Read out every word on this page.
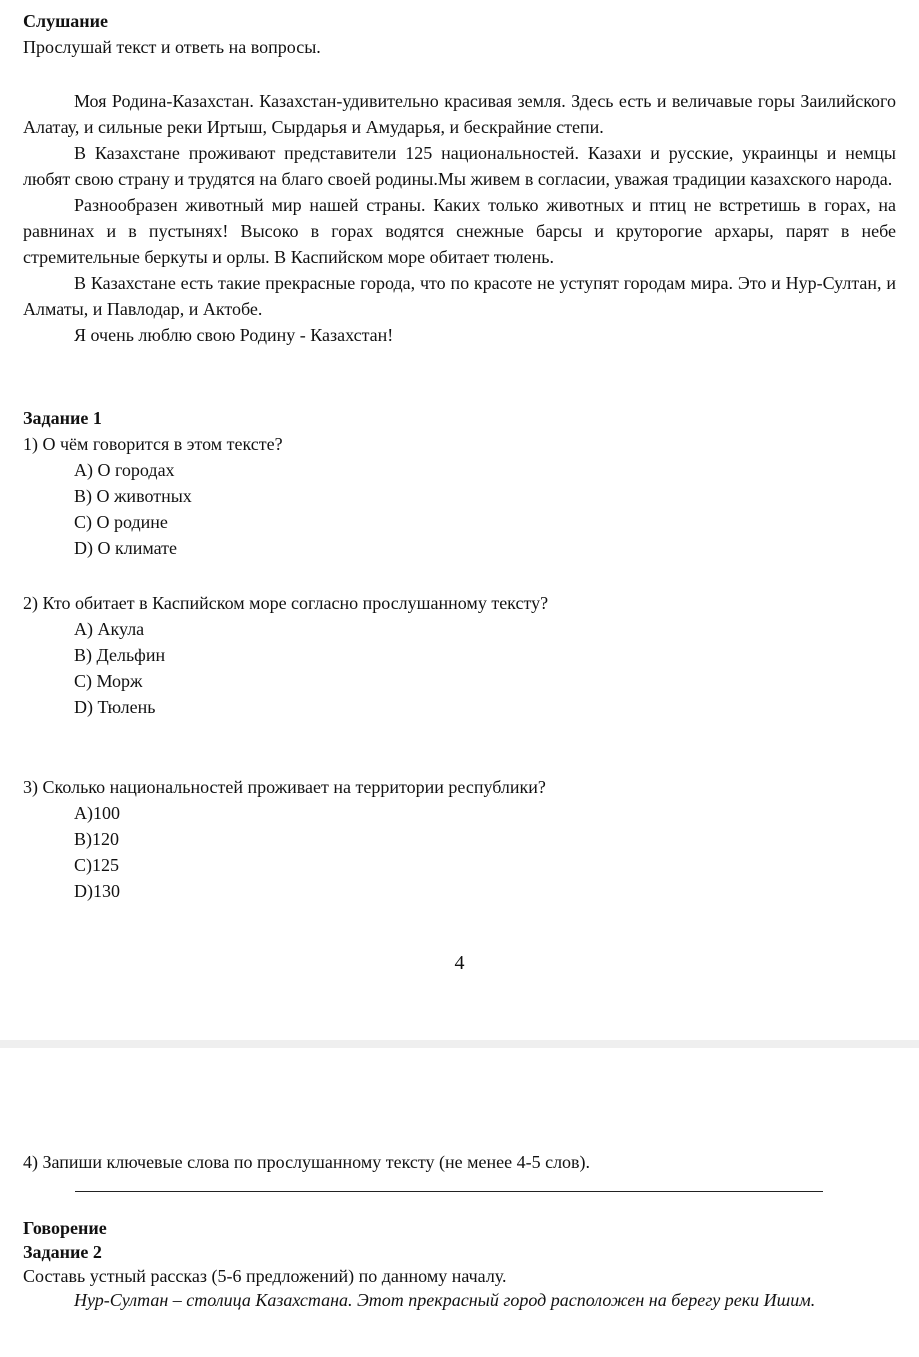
Слушание

Прослушай текст и ответь на вопросы.

Моя Родина-Казахстан. Казахстан-удивительно красивая земля. Здесь есть и величавые горы Заилийского Алатау, и сильные реки Иртыш, Сырдарья и Амударья, и бескрайние степи.

В Казахстане проживают представители 125 национальностей. Казахи и русские, украинцы и немцы любят свою страну и трудятся на благо своей родины.Мы живем в согласии, уважая традиции казахского народа.

Разнообразен животный мир нашей страны. Каких только животных и птиц не встретишь в горах, на равнинах и в пустынях! Высоко в горах водятся снежные барсы и круторогие архары, парят в небе стремительные беркуты и орлы. В Каспийском море обитает тюлень.

В Казахстане есть такие прекрасные города, что по красоте не уступят городам мира. Это и Нур-Султан, и Алматы, и Павлодар, и Актобе.

Я очень люблю свою Родину - Казахстан!

Задание 1

1) О чём говорится в этом тексте?

A) О городах

B) О животных

C) О родине

D) О климате

2) Кто обитает в Каспийском море согласно прослушанному тексту?

A) Акула

B) Дельфин

C) Морж

D) Тюлень

3) Сколько национальностей проживает на территории республики?

A)100

B)120

C)125

D)130

4

4) Запиши ключевые слова по прослушанному тексту (не менее 4-5 слов).

Говорение

Задание 2

Составь устный рассказ (5-6 предложений) по данному началу.

Нур-Султан – столица Казахстана. Этот прекрасный город расположен на берегу реки Ишим.
